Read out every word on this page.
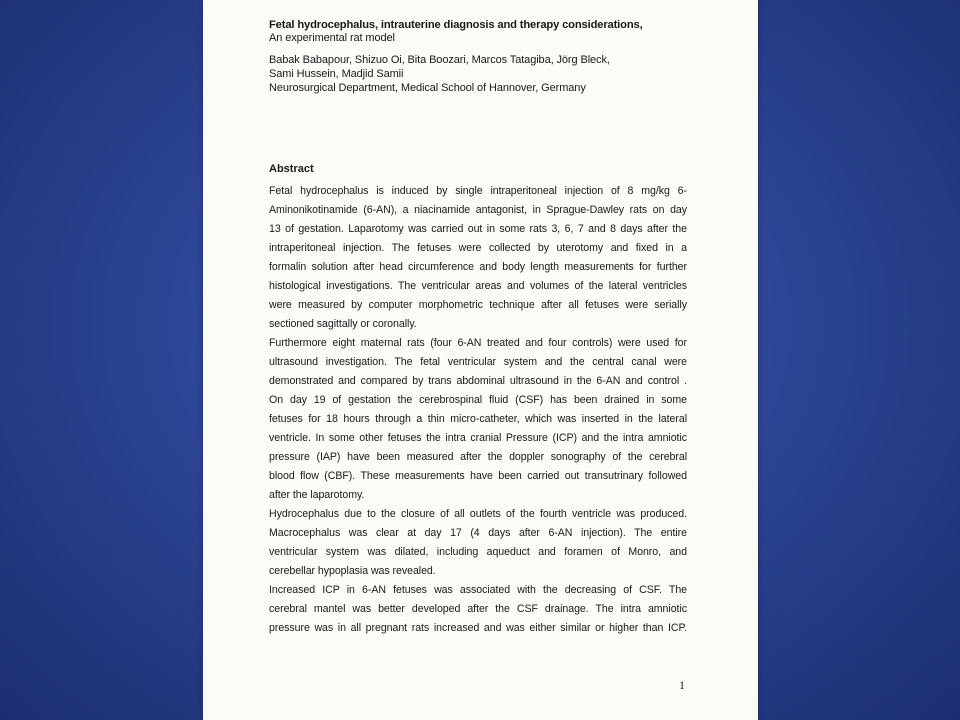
Fetal hydrocephalus, intrauterine diagnosis and therapy considerations,
An experimental rat model
Babak Babapour, Shizuo Oi, Bita Boozari, Marcos Tatagiba, Jörg Bleck,
Sami Hussein, Madjid Samii
Neurosurgical Department, Medical School of Hannover, Germany
Abstract
Fetal hydrocephalus is induced by single intraperitoneal injection of 8 mg/kg 6-
Aminonikotinamide (6-AN), a niacinamide antagonist, in Sprague-Dawley rats on day
13 of gestation. Laparotomy was carried out in some rats 3, 6, 7 and 8 days after the
intraperitoneal injection. The fetuses were collected by uterotomy and fixed in a
formalin solution after head circumference and body length measurements for further
histological investigations. The ventricular areas and volumes of the lateral ventricles
were measured by computer morphometric technique after all fetuses were serially
sectioned sagittally or coronally.
Furthermore eight maternal rats (four 6-AN treated and four controls) were used for
ultrasound investigation. The fetal ventricular system and the central canal were
demonstrated and compared by trans abdominal ultrasound in the 6-AN and control .
On day 19 of gestation the cerebrospinal fluid (CSF) has been drained in some
fetuses for 18 hours through a thin micro-catheter, which was inserted in the lateral
ventricle. In some other fetuses the intra cranial Pressure (ICP) and the intra amniotic
pressure (IAP) have been measured after the doppler sonography of the cerebral
blood flow (CBF). These measurements have been carried out transutrinary followed
after the laparotomy.
Hydrocephalus due to the closure of all outlets of the fourth ventricle was produced.
Macrocephalus was clear at day 17 (4 days after 6-AN injection). The entire
ventricular system was dilated, including aqueduct and foramen of Monro, and
cerebellar hypoplasia was revealed.
Increased ICP in 6-AN fetuses was associated with the decreasing of CSF. The
cerebral mantel was better developed after the CSF drainage. The intra amniotic
pressure was in all pregnant rats increased and was either similar or higher than ICP.
1
